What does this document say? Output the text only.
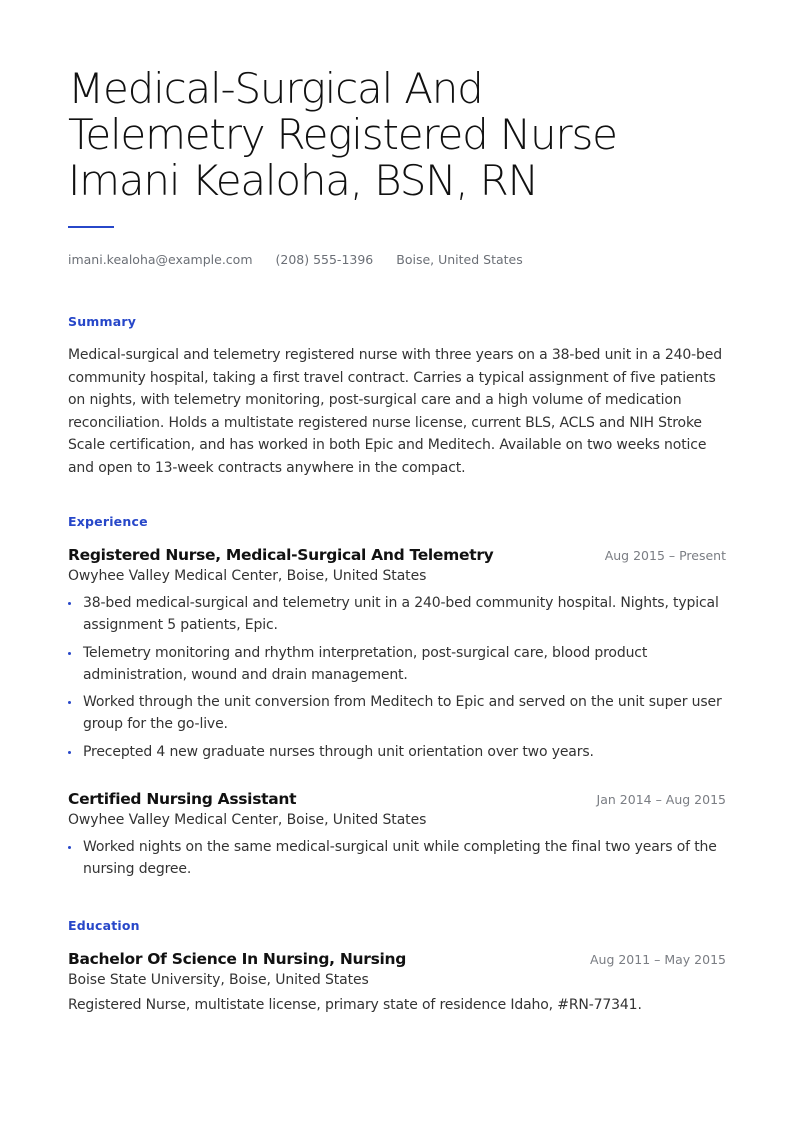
Medical-Surgical And
Telemetry Registered Nurse
Imani Kealoha, BSN, RN
imani.kealoha@example.com (208) 555-1396 Boise, United States
Summary

Medical-surgical and telemetry registered nurse with three years on a 38-bed unit in a 240-bed community hospital, taking a first travel contract. Carries a typical assignment of five patients on nights, with telemetry monitoring, post-surgical care and a high volume of medication reconciliation. Holds a multistate registered nurse license, current BLS, ACLS and NIH Stroke Scale certification, and has worked in both Epic and Meditech. Available on two weeks notice and open to 13-week contracts anywhere in the compact.

Experience
Registered Nurse, Medical-Surgical And Telemetry	Aug 2015 – Present
Owyhee Valley Medical Center, Boise, United States
38-bed medical-surgical and telemetry unit in a 240-bed community hospital. Nights, typical assignment 5 patients, Epic.
Telemetry monitoring and rhythm interpretation, post-surgical care, blood product administration, wound and drain management.
Worked through the unit conversion from Meditech to Epic and served on the unit super user group for the go-live.
Precepted 4 new graduate nurses through unit orientation over two years.
Certified Nursing Assistant	Jan 2014 – Aug 2015
Owyhee Valley Medical Center, Boise, United States
Worked nights on the same medical-surgical unit while completing the final two years of the nursing degree.
Education
Bachelor Of Science In Nursing, Nursing	Aug 2011 – May 2015
Boise State University, Boise, United States
Registered Nurse, multistate license, primary state of residence Idaho, #RN-77341.
